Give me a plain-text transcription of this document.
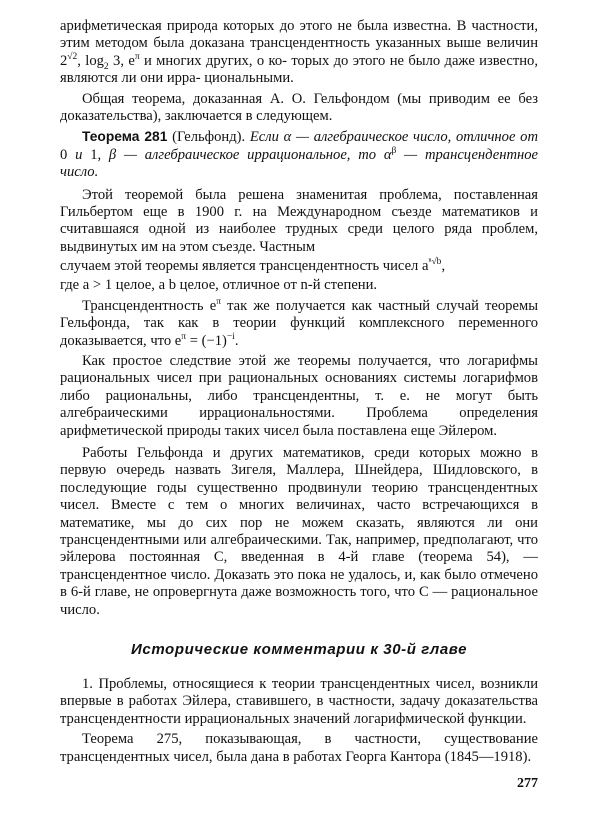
арифметическая природа которых до этого не была известна. В частности, этим методом была доказана трансцендентность указанных выше величин $2^{√2}$, $\log_2 3$, $e^\pi$ и многих других, о ко- торых до этого не было даже известно, являются ли они ирра- циональными.

Общая теорема, доказанная А. О. Гельфондом (мы приводим ее без доказательства), заключается в следующем.

Теорема 281 (Гельфонд). Если α — алгебраическое число, отличное от 0 и 1, β — алгебраическое иррациональное, то $\alpha^\beta$ — трансцендентное число.

Этой теоремой была решена знаменитая проблема, поставленная Гильбертом еще в 1900 г. на Международном съезде математиков и считавшаяся одной из наиболее трудных среди целого ряда проблем, выдвинутых им на этом съезде. Частным

случаем этой теоремы является трансцендентность чисел $a^{^n√b}$,

где a > 1 целое, a b целое, отличное от n-й степени.

Трансцендентность $e^\pi$ так же получается как частный случай теоремы Гельфонда, так как в теории функций комплексного переменного доказывается, что $e^\pi = (-1)^{-i}$.

Как простое следствие этой же теоремы получается, что логарифмы рациональных чисел при рациональных основаниях системы логарифмов либо рациональны, либо трансцендентны, т. е. не могут быть алгебраическими иррациональностями. Проблема определения арифметической природы таких чисел была поставлена еще Эйлером.

Работы Гельфонда и других математиков, среди которых можно в первую очередь назвать Зигеля, Маллера, Шнейдера, Шидловского, в последующие годы существенно продвинули теорию трансцендентных чисел. Вместе с тем о многих величинах, часто встречающихся в математике, мы до сих пор не можем сказать, являются ли они трансцендентными или алгебраическими. Так, например, предполагают, что эйлерова постоянная C, введенная в 4-й главе (теорема 54), — трансцендентное число. Доказать это пока не удалось, и, как было отмечено в 6-й главе, не опровергнута даже возможность того, что C — рациональное число.

Исторические комментарии к 30-й главе

1. Проблемы, относящиеся к теории трансцендентных чисел, возникли впервые в работах Эйлера, ставившего, в частности, задачу доказательства трансцендентности иррациональных значений логарифмической функции.

Теорема 275, показывающая, в частности, существование трансцендентных чисел, была дана в работах Георга Кантора (1845—1918).

277
